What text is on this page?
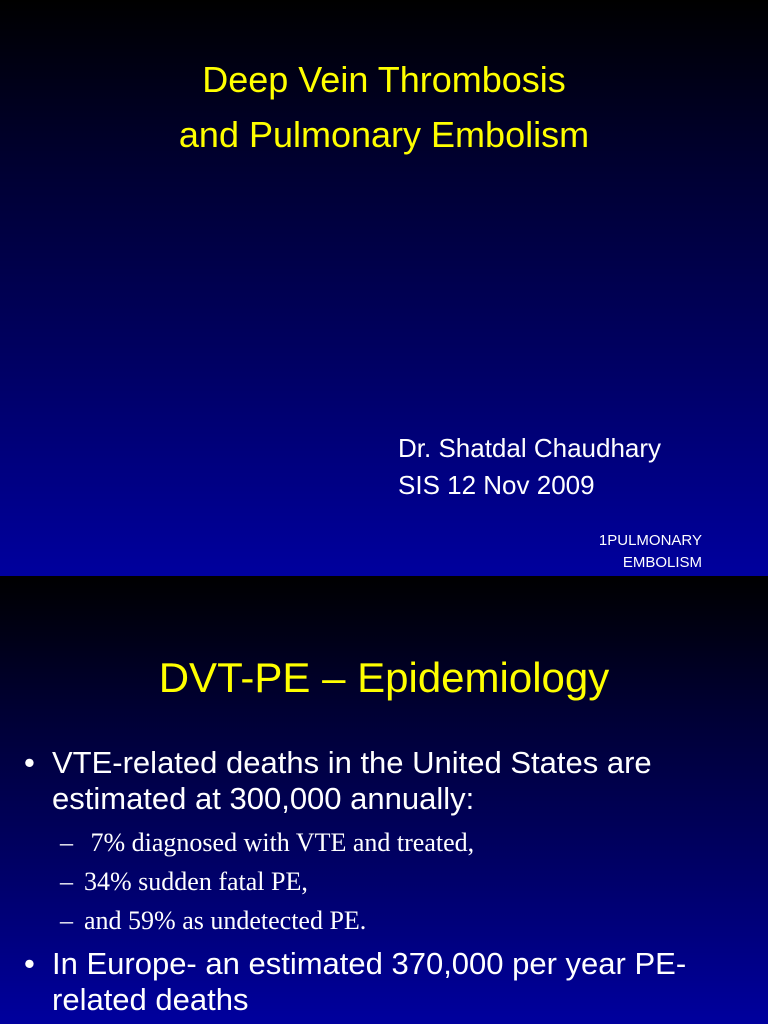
Deep Vein Thrombosis
and Pulmonary Embolism
Dr. Shatdal Chaudhary
SIS 12 Nov 2009
1PULMONARY
EMBOLISM
DVT-PE – Epidemiology
• VTE-related deaths in the United States are estimated at 300,000 annually:
– 7% diagnosed with VTE and treated,
– 34% sudden fatal PE,
– and 59% as undetected PE.
• In Europe- an estimated 370,000 per year PE-related deaths
